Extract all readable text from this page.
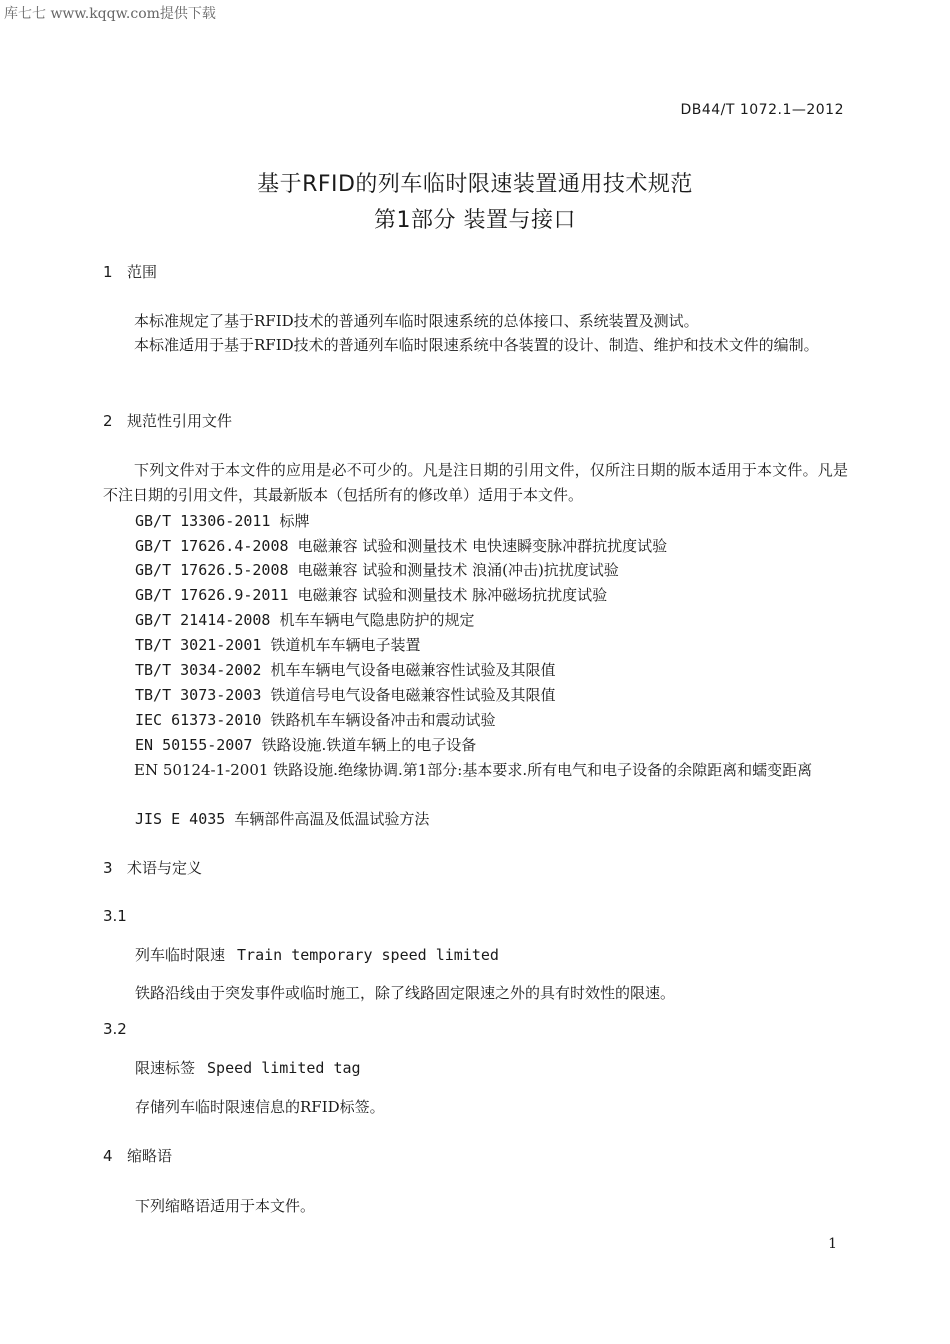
库七七 www.kqqw.com提供下载
DB44/T 1072.1—2012
基于RFID的列车临时限速装置通用技术规范
第1部分 装置与接口
1 范围
本标准规定了基于RFID技术的普通列车临时限速系统的总体接口、系统装置及测试。
本标准适用于基于RFID技术的普通列车临时限速系统中各装置的设计、制造、维护和技术文件的编制。
2 规范性引用文件
下列文件对于本文件的应用是必不可少的。凡是注日期的引用文件，仅所注日期的版本适用于本文件。凡是不注日期的引用文件，其最新版本（包括所有的修改单）适用于本文件。
GB/T 13306-2011 标牌
GB/T 17626.4-2008 电磁兼容 试验和测量技术 电快速瞬变脉冲群抗扰度试验
GB/T 17626.5-2008 电磁兼容 试验和测量技术 浪涌(冲击)抗扰度试验
GB/T 17626.9-2011 电磁兼容 试验和测量技术 脉冲磁场抗扰度试验
GB/T 21414-2008 机车车辆电气隐患防护的规定
TB/T 3021-2001 铁道机车车辆电子装置
TB/T 3034-2002 机车车辆电气设备电磁兼容性试验及其限值
TB/T 3073-2003 铁道信号电气设备电磁兼容性试验及其限值
IEC 61373-2010 铁路机车车辆设备冲击和震动试验
EN 50155-2007 铁路设施.铁道车辆上的电子设备
EN 50124-1-2001 铁路设施.绝缘协调.第1部分:基本要求.所有电气和电子设备的余隙距离和蠕变距离
JIS E 4035 车辆部件高温及低温试验方法
3 术语与定义
3.1
列车临时限速 Train temporary speed limited
铁路沿线由于突发事件或临时施工，除了线路固定限速之外的具有时效性的限速。
3.2
限速标签 Speed limited tag
存储列车临时限速信息的RFID标签。
4 缩略语
下列缩略语适用于本文件。
1
